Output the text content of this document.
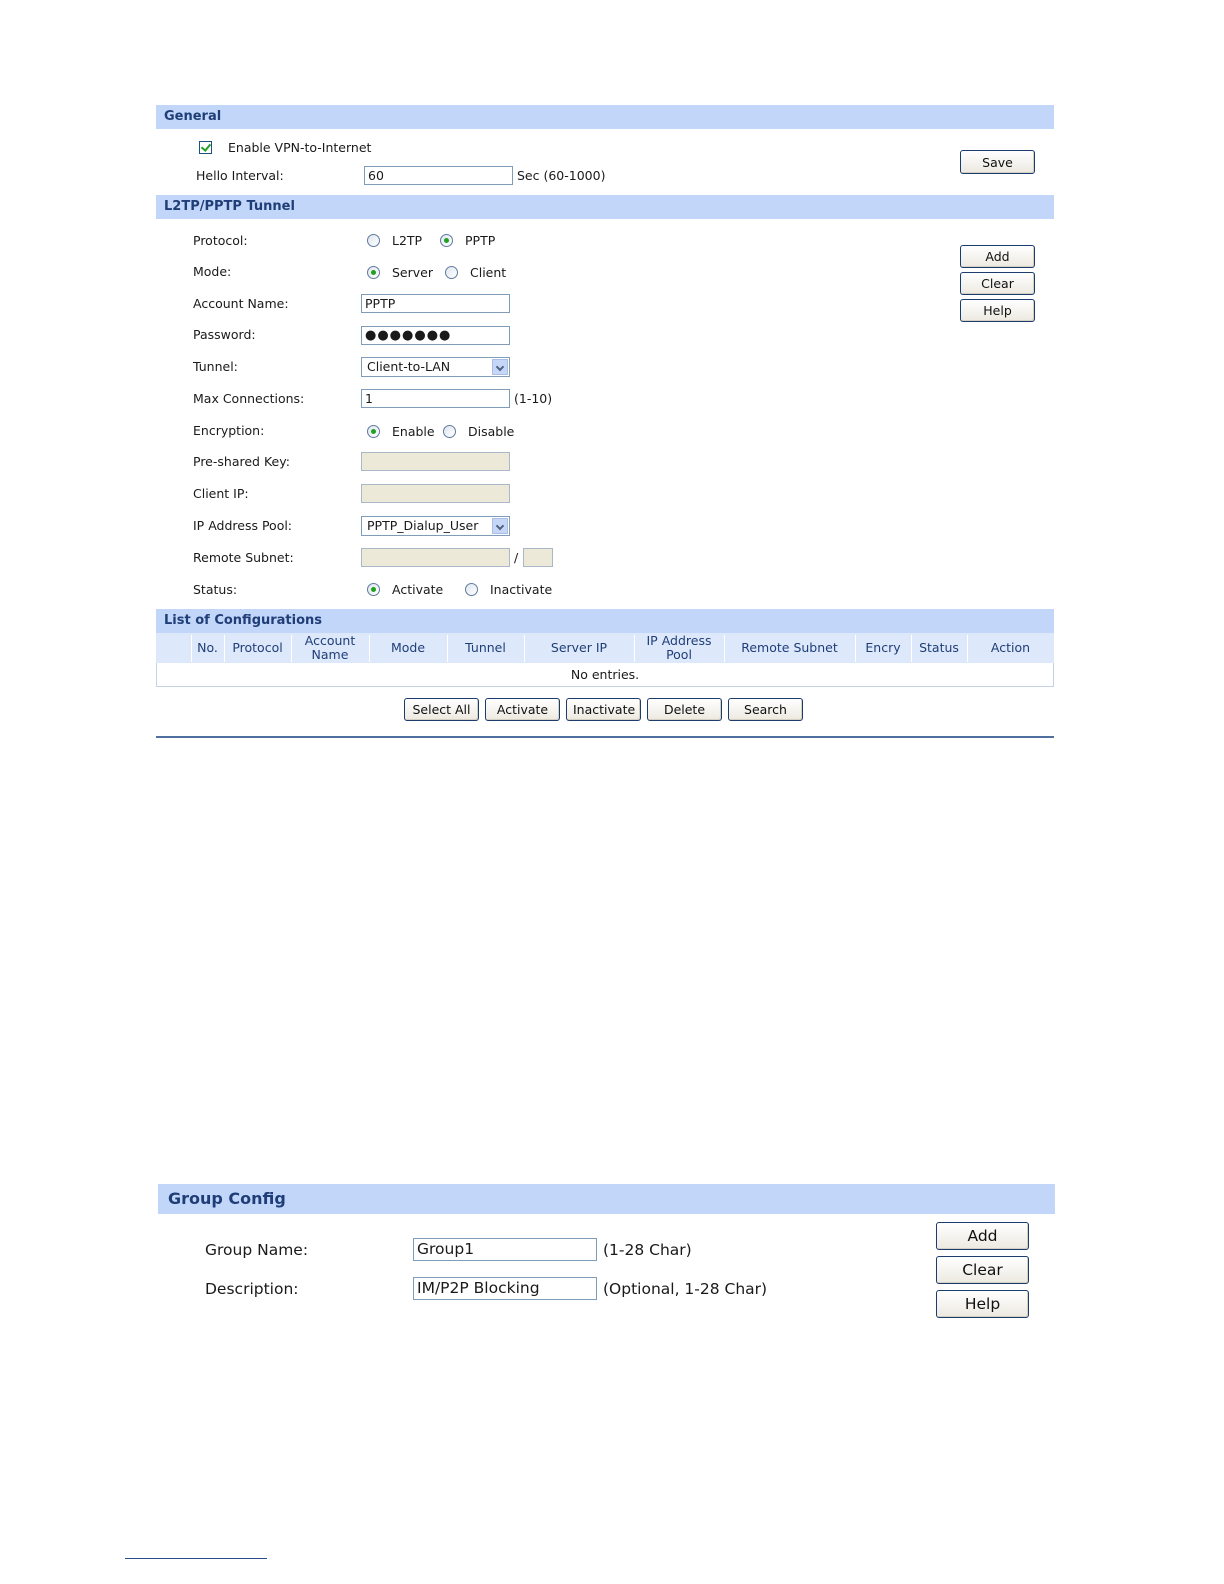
General
Enable VPN-to-Internet
Hello Interval:	60	Sec (60-1000)
Save
L2TP/PPTP Tunnel
Protocol:	L2TP	PPTP
Mode:	Server	Client
Account Name:	PPTP
Password:	●●●●●●●
Tunnel:	Client-to-LAN
Max Connections:	1	(1-10)
Encryption:	Enable	Disable
Pre-shared Key:
Client IP:
IP Address Pool:	PPTP_Dialup_User
Remote Subnet:	/
Status:	Activate	Inactivate
Add
Clear
Help
List of Configurations
No.	Protocol	Account Name	Mode	Tunnel	Server IP	IP Address Pool	Remote Subnet	Encry	Status	Action
No entries.
Select All	Activate	Inactivate	Delete	Search
Group Config
Group Name:	Group1	(1-28 Char)
Description:	IM/P2P Blocking	(Optional, 1-28 Char)
Add
Clear
Help
